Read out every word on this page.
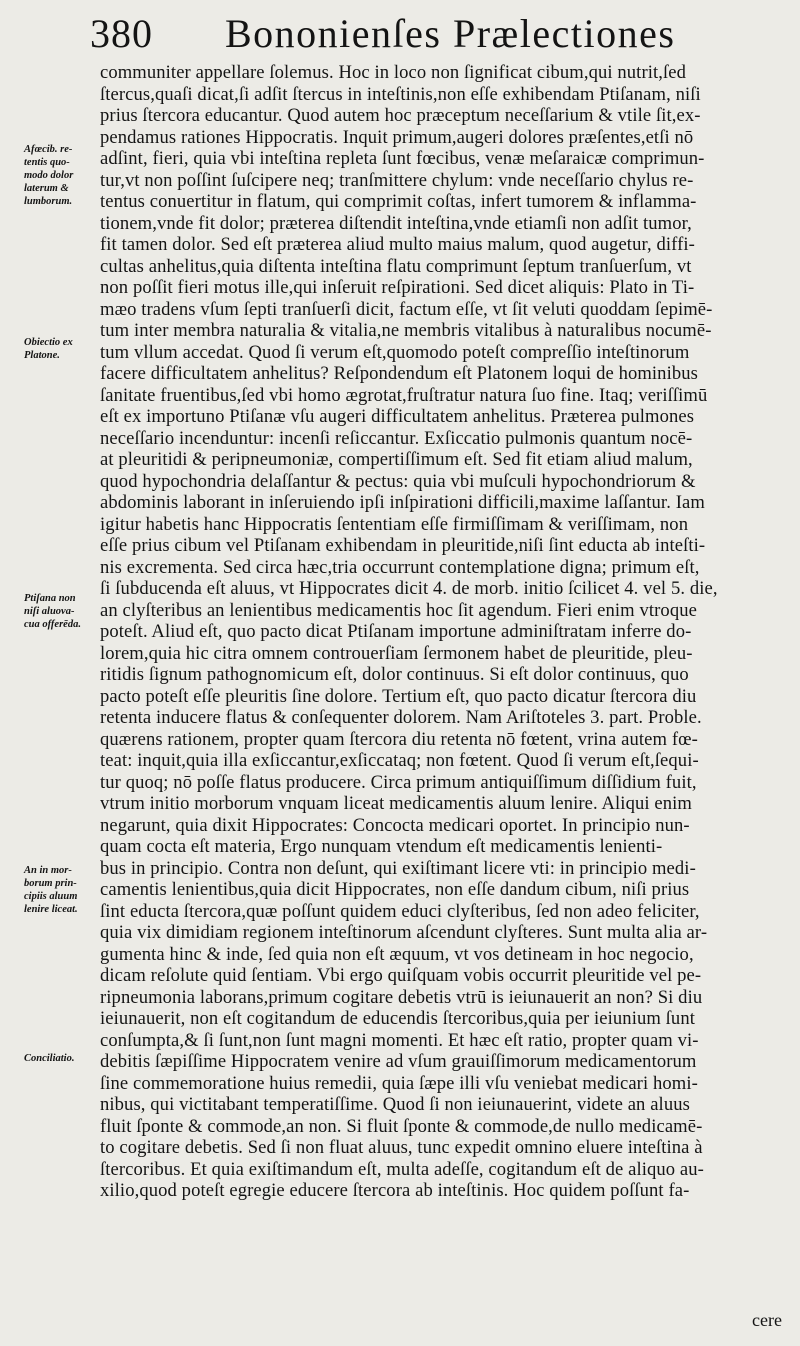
380 Bononienſes Prælectiones
Afœcib. re-
tentis quo-
modo dolor
laterum &
lumborum.
Obiectio ex
Platone.
Ptiſana non
niſi aluova-
cua offerēda.
An in mor-
borum prin-
cipiis aluum
lenire liceat.
Conciliatio.
communiter appellare ſolemus. Hoc in loco non ſignificat cibum,qui nutrit,ſed
ſtercus,quaſi dicat,ſi adſit ſtercus in inteſtinis,non eſſe exhibendam Ptiſanam, niſi
prius ſtercora educantur. Quod autem hoc præceptum neceſſarium & vtile ſit,ex-
pendamus rationes Hippocratis. Inquit primum,augeri dolores præſentes,etſi nō
adſint, fieri, quia vbi inteſtina repleta ſunt fœcibus, venæ meſaraicæ comprimun-
tur,vt non poſſint ſuſcipere neq; tranſmittere chylum: vnde neceſſario chylus re-
tentus conuertitur in flatum, qui comprimit coſtas, infert tumorem & inflamma-
tionem,vnde fit dolor; præterea diſtendit inteſtina,vnde etiamſi non adſit tumor,
fit tamen dolor. Sed eſt præterea aliud multo maius malum, quod augetur, diffi-
cultas anhelitus,quia diſtenta inteſtina flatu comprimunt ſeptum tranſuerſum, vt
non poſſit fieri motus ille,qui inſeruit reſpirationi. Sed dicet aliquis: Plato in Ti-
mæo tradens vſum ſepti tranſuerſi dicit, factum eſſe, vt ſit veluti quoddam ſepimē-
tum inter membra naturalia & vitalia,ne membris vitalibus à naturalibus nocumē-
tum vllum accedat. Quod ſi verum eſt,quomodo poteſt compreſſio inteſtinorum
facere difficultatem anhelitus? Reſpondendum eſt Platonem loqui de hominibus
ſanitate fruentibus,ſed vbi homo ægrotat,fruſtratur natura ſuo fine. Itaq; veriſſimū
eſt ex importuno Ptiſanæ vſu augeri difficultatem anhelitus. Præterea pulmones
neceſſario incenduntur: incenſi reſiccantur. Exſiccatio pulmonis quantum nocē-
at pleuritidi & peripneumoniæ, compertiſſimum eſt. Sed fit etiam aliud malum,
quod hypochondria delaſſantur & pectus: quia vbi muſculi hypochondriorum &
abdominis laborant in inſeruiendo ipſi inſpirationi difficili,maxime laſſantur. Iam
igitur habetis hanc Hippocratis ſententiam eſſe firmiſſimam & veriſſimam, non
eſſe prius cibum vel Ptiſanam exhibendam in pleuritide,niſi ſint educta ab inteſti-
nis excrementa. Sed circa hæc,tria occurrunt contemplatione digna; primum eſt,
ſi ſubducenda eſt aluus, vt Hippocrates dicit 4. de morb. initio ſcilicet 4. vel 5. die,
an clyſteribus an lenientibus medicamentis hoc ſit agendum. Fieri enim vtroque
poteſt. Aliud eſt, quo pacto dicat Ptiſanam importune adminiſtratam inferre do-
lorem,quia hic citra omnem controuerſiam ſermonem habet de pleuritide, pleu-
ritidis ſignum pathognomicum eſt, dolor continuus. Si eſt dolor continuus, quo
pacto poteſt eſſe pleuritis ſine dolore. Tertium eſt, quo pacto dicatur ſtercora diu
retenta inducere flatus & conſequenter dolorem. Nam Ariſtoteles 3. part. Proble.
quærens rationem, propter quam ſtercora diu retenta nō fœtent, vrina autem fœ-
teat: inquit,quia illa exſiccantur,exſiccataq; non fœtent. Quod ſi verum eſt,ſequi-
tur quoq; nō poſſe flatus producere. Circa primum antiquiſſimum diſſidium fuit,
vtrum initio morborum vnquam liceat medicamentis aluum lenire. Aliqui enim
negarunt, quia dixit Hippocrates: Concocta medicari oportet. In principio nun-
quam cocta eſt materia, Ergo nunquam vtendum eſt medicamentis lenienti-
bus in principio. Contra non deſunt, qui exiſtimant licere vti: in principio medi-
camentis lenientibus,quia dicit Hippocrates, non eſſe dandum cibum, niſi prius
ſint educta ſtercora,quæ poſſunt quidem educi clyſteribus, ſed non adeo feliciter,
quia vix dimidiam regionem inteſtinorum aſcendunt clyſteres. Sunt multa alia ar-
gumenta hinc & inde, ſed quia non eſt æquum, vt vos detineam in hoc negocio,
dicam reſolute quid ſentiam. Vbi ergo quiſquam vobis occurrit pleuritide vel pe-
ripneumonia laborans,primum cogitare debetis vtrū is ieiunauerit an non? Si diu
ieiunauerit, non eſt cogitandum de educendis ſtercoribus,quia per ieiunium ſunt
conſumpta,& ſi ſunt,non ſunt magni momenti. Et hæc eſt ratio, propter quam vi-
debitis ſæpiſſime Hippocratem venire ad vſum grauiſſimorum medicamentorum
ſine commemoratione huius remedii, quia ſæpe illi vſu veniebat medicari homi-
nibus, qui victitabant temperatiſſime. Quod ſi non ieiunauerint, videte an aluus
fluit ſponte & commode,an non. Si fluit ſponte & commode,de nullo medicamē-
to cogitare debetis. Sed ſi non fluat aluus, tunc expedit omnino eluere inteſtina à
ſtercoribus. Et quia exiſtimandum eſt, multa adeſſe, cogitandum eſt de aliquo au-
xilio,quod poteſt egregie educere ſtercora ab inteſtinis. Hoc quidem poſſunt fa-
cere
